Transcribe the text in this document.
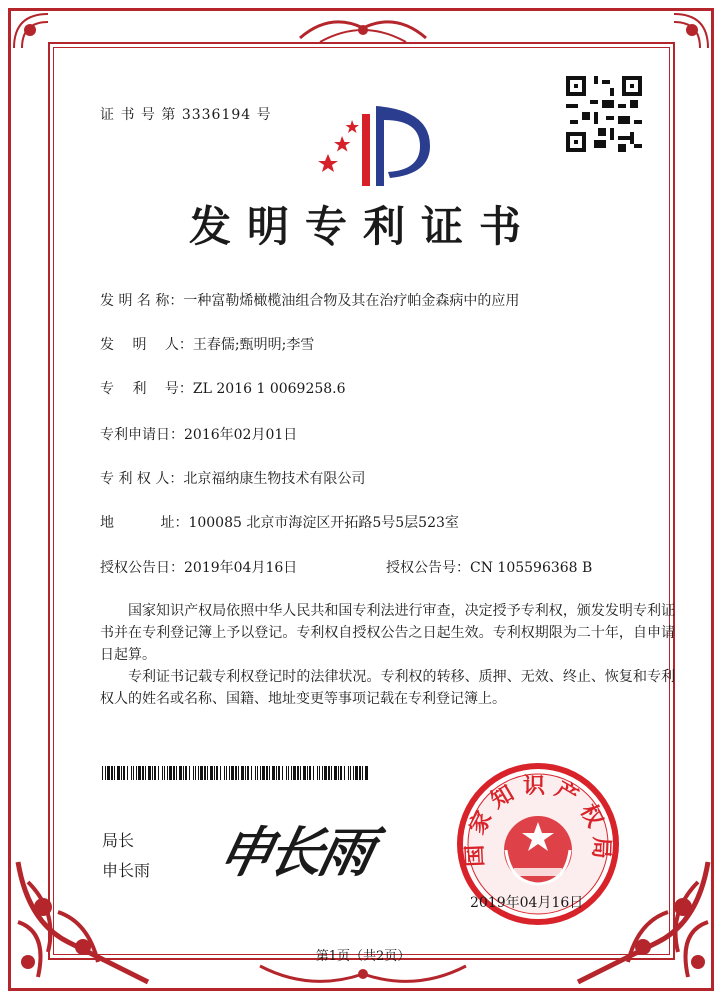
证 书 号 第 3336194 号
发明专利证书
发 明 名 称：一种富勒烯橄榄油组合物及其在治疗帕金森病中的应用
发　 明　 人：王春儒;甄明明;李雪
专　 利　 号：ZL 2016 1 0069258.6
专利申请日：2016年02月01日
专 利 权 人：北京福纳康生物技术有限公司
地　　　 址：100085 北京市海淀区开拓路5号5层523室
授权公告日：2019年04月16日	授权公告号：CN 105596368 B
国家知识产权局依照中华人民共和国专利法进行审查，决定授予专利权，颁发发明专利证书并在专利登记簿上予以登记。专利权自授权公告之日起生效。专利权期限为二十年，自申请日起算。
专利证书记载专利权登记时的法律状况。专利权的转移、质押、无效、终止、恢复和专利权人的姓名或名称、国籍、地址变更等事项记载在专利登记簿上。
局长
申长雨 申长雨	国家知识产权局
2019年04月16日
第1页（共2页）
